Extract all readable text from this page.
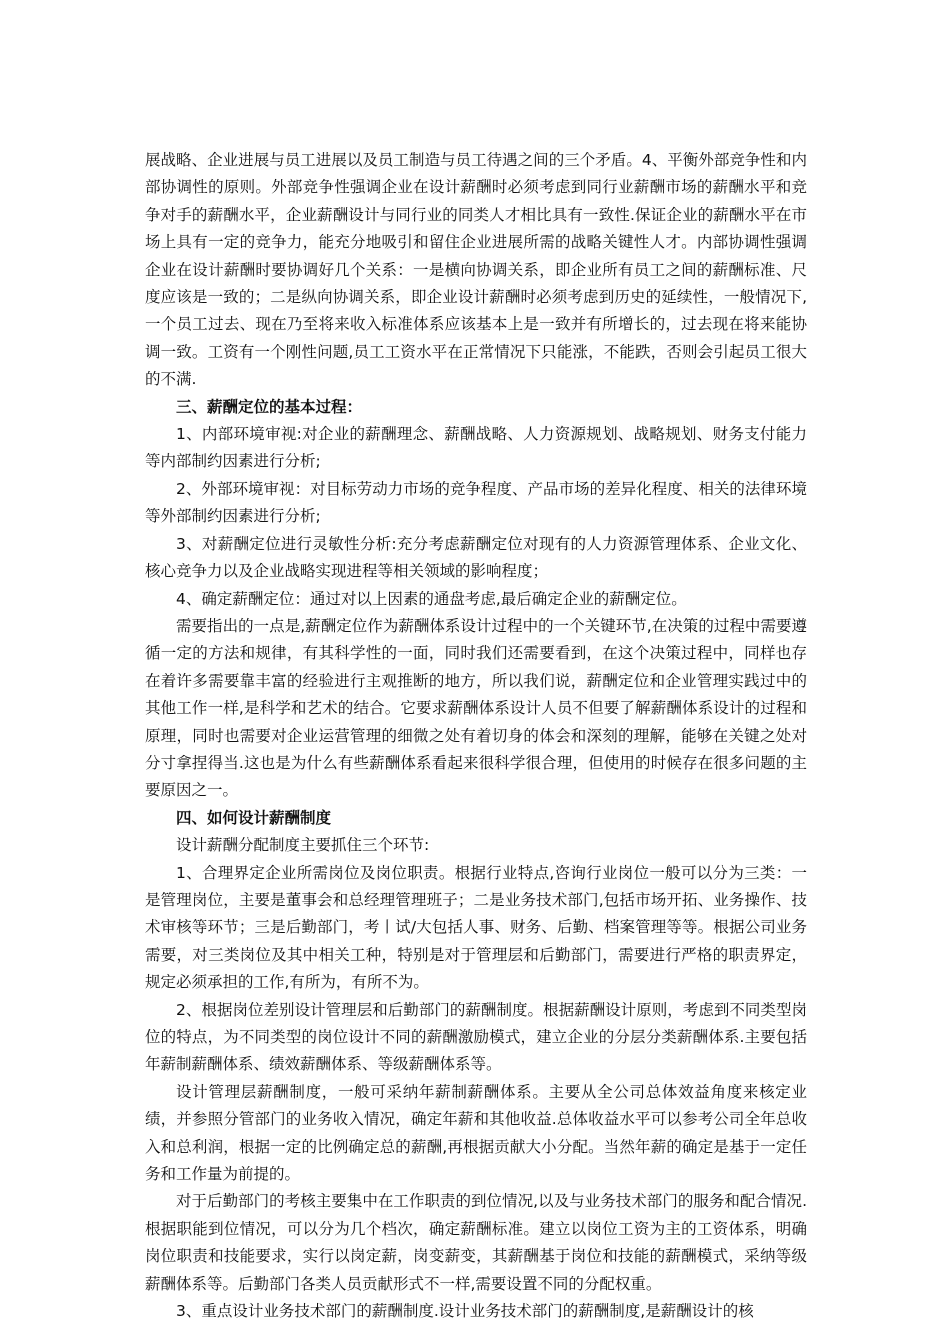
展战略、企业进展与员工进展以及员工制造与员工待遇之间的三个矛盾。4、平衡外部竞争性和内部协调性的原则。外部竞争性强调企业在设计薪酬时必须考虑到同行业薪酬市场的薪酬水平和竞争对手的薪酬水平，企业薪酬设计与同行业的同类人才相比具有一致性.保证企业的薪酬水平在市场上具有一定的竞争力，能充分地吸引和留住企业进展所需的战略关键性人才。内部协调性强调企业在设计薪酬时要协调好几个关系：一是横向协调关系，即企业所有员工之间的薪酬标准、尺度应该是一致的；二是纵向协调关系，即企业设计薪酬时必须考虑到历史的延续性，一般情况下,一个员工过去、现在乃至将来收入标准体系应该基本上是一致并有所增长的，过去现在将来能协调一致。工资有一个刚性问题,员工工资水平在正常情况下只能涨，不能跌，否则会引起员工很大的不满.

三、薪酬定位的基本过程：

1、内部环境审视:对企业的薪酬理念、薪酬战略、人力资源规划、战略规划、财务支付能力等内部制约因素进行分析;

2、外部环境审视：对目标劳动力市场的竞争程度、产品市场的差异化程度、相关的法律环境等外部制约因素进行分析;

3、对薪酬定位进行灵敏性分析:充分考虑薪酬定位对现有的人力资源管理体系、企业文化、核心竞争力以及企业战略实现进程等相关领域的影响程度；

4、确定薪酬定位：通过对以上因素的通盘考虑,最后确定企业的薪酬定位。

需要指出的一点是,薪酬定位作为薪酬体系设计过程中的一个关键环节,在决策的过程中需要遵循一定的方法和规律，有其科学性的一面，同时我们还需要看到，在这个决策过程中，同样也存在着许多需要靠丰富的经验进行主观推断的地方，所以我们说，薪酬定位和企业管理实践过中的其他工作一样,是科学和艺术的结合。它要求薪酬体系设计人员不但要了解薪酬体系设计的过程和原理，同时也需要对企业运营管理的细微之处有着切身的体会和深刻的理解，能够在关键之处对分寸拿捏得当.这也是为什么有些薪酬体系看起来很科学很合理，但使用的时候存在很多问题的主要原因之一。

四、如何设计薪酬制度

设计薪酬分配制度主要抓住三个环节:

1、合理界定企业所需岗位及岗位职责。根据行业特点,咨询行业岗位一般可以分为三类：一是管理岗位，主要是董事会和总经理管理班子；二是业务技术部门,包括市场开拓、业务操作、技术审核等环节；三是后勤部门，考丨试/大包括人事、财务、后勤、档案管理等等。根据公司业务需要，对三类岗位及其中相关工种，特别是对于管理层和后勤部门，需要进行严格的职责界定，规定必须承担的工作,有所为，有所不为。

2、根据岗位差别设计管理层和后勤部门的薪酬制度。根据薪酬设计原则，考虑到不同类型岗位的特点，为不同类型的岗位设计不同的薪酬激励模式，建立企业的分层分类薪酬体系.主要包括年薪制薪酬体系、绩效薪酬体系、等级薪酬体系等。

设计管理层薪酬制度，一般可采纳年薪制薪酬体系。主要从全公司总体效益角度来核定业绩，并参照分管部门的业务收入情况，确定年薪和其他收益.总体收益水平可以参考公司全年总收入和总利润，根据一定的比例确定总的薪酬,再根据贡献大小分配。当然年薪的确定是基于一定任务和工作量为前提的。

对于后勤部门的考核主要集中在工作职责的到位情况,以及与业务技术部门的服务和配合情况.根据职能到位情况，可以分为几个档次，确定薪酬标准。建立以岗位工资为主的工资体系，明确岗位职责和技能要求，实行以岗定薪，岗变薪变，其薪酬基于岗位和技能的薪酬模式，采纳等级薪酬体系等。后勤部门各类人员贡献形式不一样,需要设置不同的分配权重。

3、重点设计业务技术部门的薪酬制度.设计业务技术部门的薪酬制度,是薪酬设计的核
